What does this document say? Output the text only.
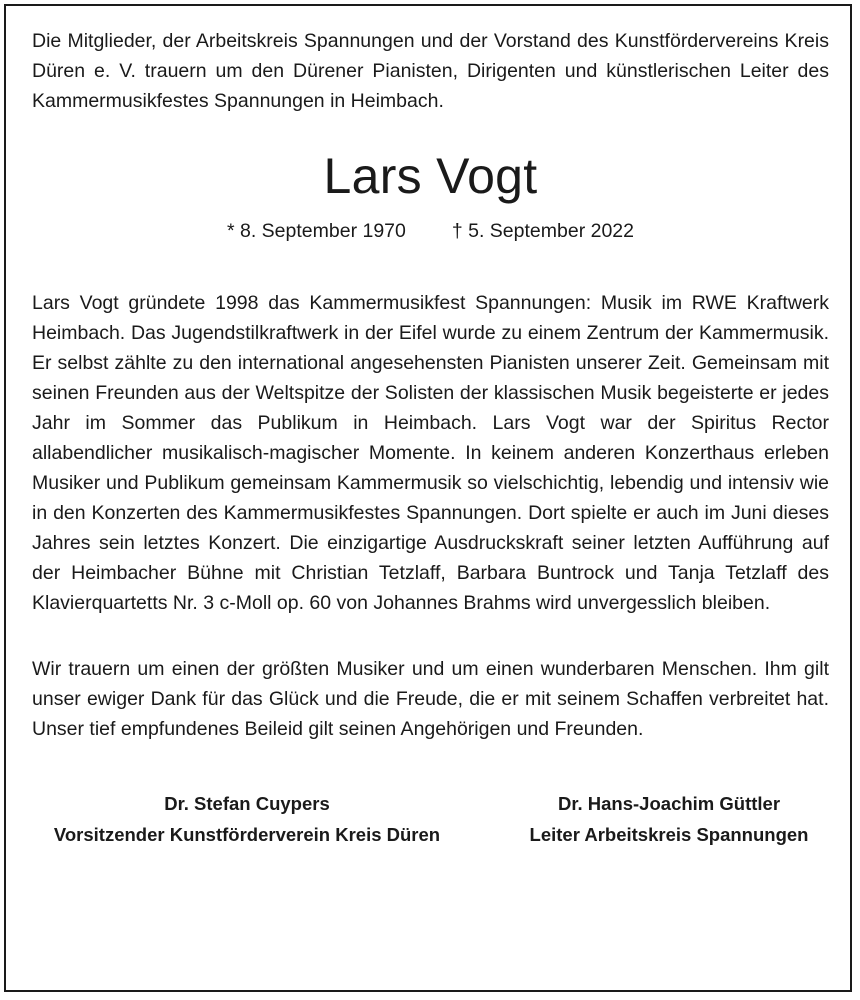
Die Mitglieder, der Arbeitskreis Spannungen und der Vorstand des Kunstfördervereins Kreis Düren e. V. trauern um den Dürener Pianisten, Dirigenten und künstlerischen Leiter des Kammermusikfestes Spannungen in Heimbach.

Lars Vogt
* 8. September 1970 † 5. September 2022

Lars Vogt gründete 1998 das Kammermusikfest Spannungen: Musik im RWE Kraftwerk Heimbach. Das Jugendstilkraftwerk in der Eifel wurde zu einem Zentrum der Kammermusik. Er selbst zählte zu den international angesehensten Pianisten unserer Zeit. Gemeinsam mit seinen Freunden aus der Weltspitze der Solisten der klassischen Musik begeisterte er jedes Jahr im Sommer das Publikum in Heimbach. Lars Vogt war der Spiritus Rector allabendlicher musikalisch-magischer Momente. In keinem anderen Konzerthaus erleben Musiker und Publikum gemeinsam Kammermusik so vielschichtig, lebendig und intensiv wie in den Konzerten des Kammermusikfestes Spannungen. Dort spielte er auch im Juni dieses Jahres sein letztes Konzert. Die einzigartige Ausdruckskraft seiner letzten Aufführung auf der Heimbacher Bühne mit Christian Tetzlaff, Barbara Buntrock und Tanja Tetzlaff des Klavierquartetts Nr. 3 c-Moll op. 60 von Johannes Brahms wird unvergesslich bleiben.

Wir trauern um einen der größten Musiker und um einen wunderbaren Menschen. Ihm gilt unser ewiger Dank für das Glück und die Freude, die er mit seinem Schaffen verbreitet hat. Unser tief empfundenes Beileid gilt seinen Angehörigen und Freunden.

Dr. Stefan Cuypers
Vorsitzender Kunstförderverein Kreis Düren
Dr. Hans-Joachim Güttler
Leiter Arbeitskreis Spannungen
